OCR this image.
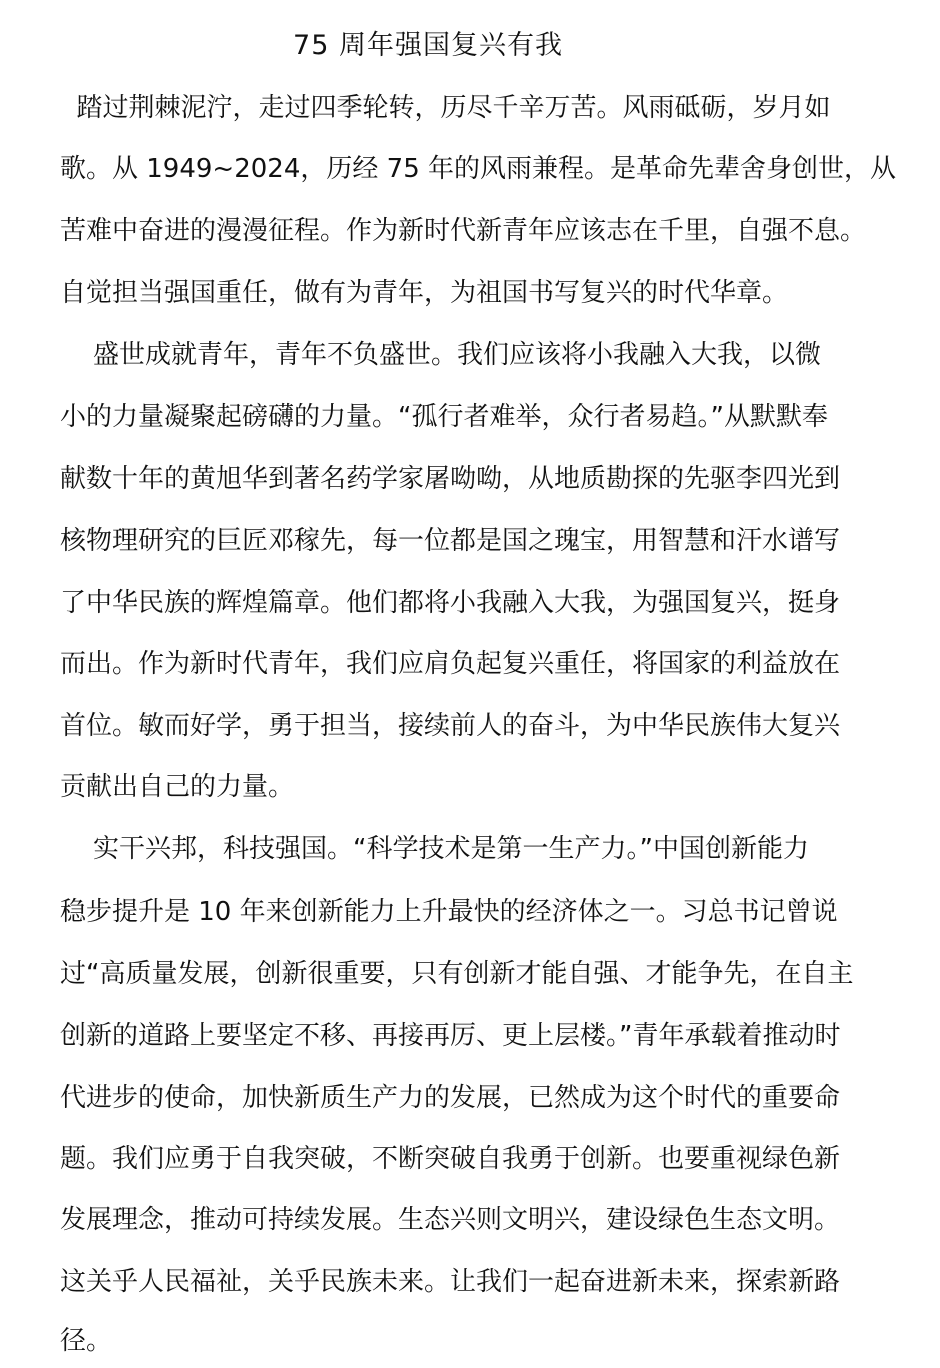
75 周年强国复兴有我

踏过荆棘泥泞，走过四季轮转，历尽千辛万苦。风雨砥砺，岁月如

歌。从 1949~2024，历经 75 年的风雨兼程。是革命先辈舍身创世，从

苦难中奋进的漫漫征程。作为新时代新青年应该志在千里，自强不息。

自觉担当强国重任，做有为青年，为祖国书写复兴的时代华章。

盛世成就青年，青年不负盛世。我们应该将小我融入大我，以微

小的力量凝聚起磅礴的力量。“孤行者难举，众行者易趋。”从默默奉

献数十年的黄旭华到著名药学家屠呦呦，从地质勘探的先驱李四光到

核物理研究的巨匠邓稼先，每一位都是国之瑰宝，用智慧和汗水谱写

了中华民族的辉煌篇章。他们都将小我融入大我，为强国复兴，挺身

而出。作为新时代青年，我们应肩负起复兴重任，将国家的利益放在

首位。敏而好学，勇于担当，接续前人的奋斗，为中华民族伟大复兴

贡献出自己的力量。

实干兴邦，科技强国。“科学技术是第一生产力。”中国创新能力

稳步提升是 10 年来创新能力上升最快的经济体之一。习总书记曾说

过“高质量发展，创新很重要，只有创新才能自强、才能争先，在自主

创新的道路上要坚定不移、再接再厉、更上层楼。”青年承载着推动时

代进步的使命，加快新质生产力的发展，已然成为这个时代的重要命

题。我们应勇于自我突破，不断突破自我勇于创新。也要重视绿色新

发展理念，推动可持续发展。生态兴则文明兴，建设绿色生态文明。

这关乎人民福祉，关乎民族未来。让我们一起奋进新未来，探索新路

径。
